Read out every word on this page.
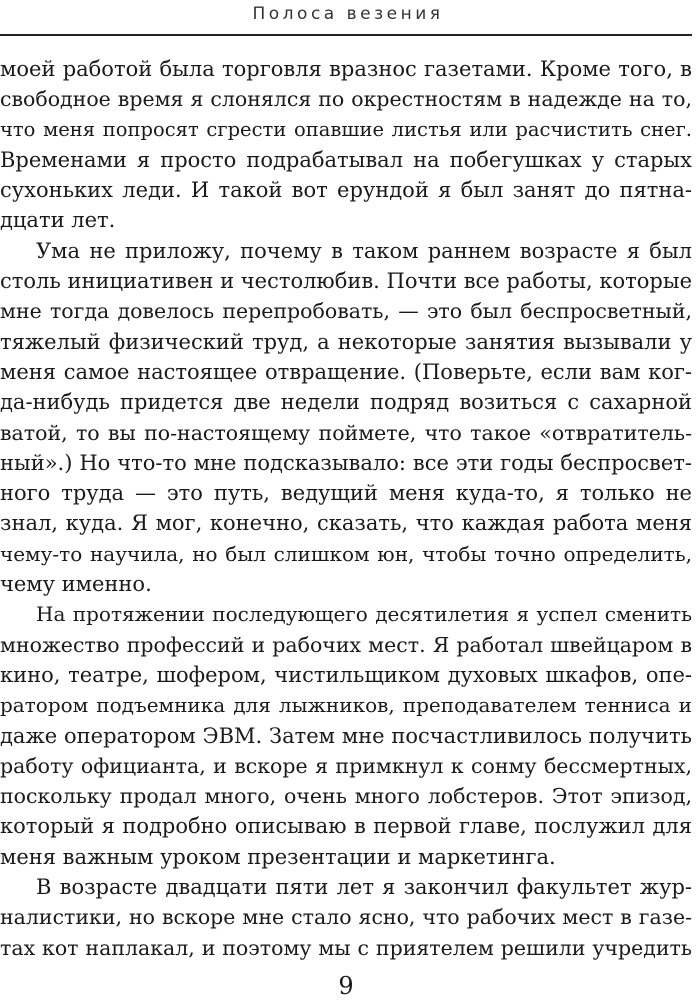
Полоса везения
моей работой была торговля вразнос газетами. Кроме того, в
свободное время я слонялся по окрестностям в надежде на то,
что меня попросят сгрести опавшие листья или расчистить снег.
Временами я просто подрабатывал на побегушках у старых
сухоньких леди. И такой вот ерундой я был занят до пятна-
дцати лет.
Ума не приложу, почему в таком раннем возрасте я был
столь инициативен и честолюбив. Почти все работы, которые
мне тогда довелось перепробовать, — это был беспросветный,
тяжелый физический труд, а некоторые занятия вызывали у
меня самое настоящее отвращение. (Поверьте, если вам ког-
да-нибудь придется две недели подряд возиться с сахарной
ватой, то вы по-настоящему поймете, что такое «отвратитель-
ный».) Но что-то мне подсказывало: все эти годы беспросвет-
ного труда — это путь, ведущий меня куда-то, я только не
знал, куда. Я мог, конечно, сказать, что каждая работа меня
чему-то научила, но был слишком юн, чтобы точно определить,
чему именно.
На протяжении последующего десятилетия я успел сменить
множество профессий и рабочих мест. Я работал швейцаром в
кино, театре, шофером, чистильщиком духовых шкафов, опе-
ратором подъемника для лыжников, преподавателем тенниса и
даже оператором ЭВМ. Затем мне посчастливилось получить
работу официанта, и вскоре я примкнул к сонму бессмертных,
поскольку продал много, очень много лобстеров. Этот эпизод,
который я подробно описываю в первой главе, послужил для
меня важным уроком презентации и маркетинга.
В возрасте двадцати пяти лет я закончил факультет жур-
налистики, но вскоре мне стало ясно, что рабочих мест в газе-
тах кот наплакал, и поэтому мы с приятелем решили учредить
9
